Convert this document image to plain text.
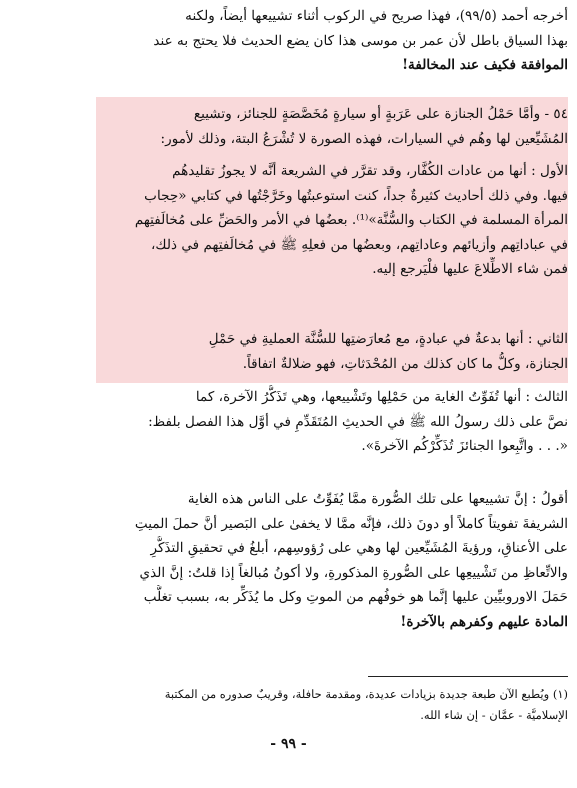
أخرجه أحمد (٩٩/٥)، فهذا صريح في الركوب أثناء تشييعها أيضاً، ولكنه
بهذا السياق باطل لأن عمر بن موسى هذا كان يضع الحديث فلا يحتج به عند
الموافقة فكيف عند المخالفة!
٥٤ - وأمَّا حَمْلُ الجنازة على عَرَبةٍ أو سيارةٍ مُخَصَّصَةٍ للجنائز، وتشييع
المُشَيِّعين لها وهُم في السيارات، فهذه الصورة لا تُشْرَعُ البتة، وذلك لأمور:
الأول : أنها من عادات الكُفَّار، وقد تقرَّر في الشريعة أنَّه لا يجوزُ تقليدهُم
فيها. وفي ذلك أحاديث كثيرةٌ جداً، كنت استوعبتُها وخَرَّجْتُها في كتابي «حِجاب
المرأة المسلمة في الكتاب والسُّنَّة»⁽¹⁾. بعضُها في الأمر والحَضِّ على مُخالَفتِهم
في عباداتِهم وأزيائهم وعاداتِهم، وبعضُها من فعلِهِ ﷺ في مُخالَفتِهم في ذلك،
فمن شاء الاطِّلاعَ عليها فلْيَرجع إليه.
الثاني : أنها بدعةٌ في عبادةٍ، مع مُعارَضتِها للسُّنَّة العمليةِ في حَمْلِ
الجنازة، وكلُّ ما كان كذلك من المُحْدَثاتِ، فهو ضلالةٌ اتفاقاً.
الثالث : أنها تُفَوِّتُ الغاية من حَمْلِها وتَشْييعها، وهي تَذَكُّرُ الآخرة، كما
نصَّ على ذلك رسولُ الله ﷺ في الحديثِ المُتَقَدِّمِ في أوَّل هذا الفصل بلفظ:
«. . . واتَّبِعوا الجنائزَ تُذَكِّرْكُم الآخرةَ».
أقولُ : إنَّ تشييعها على تلك الصُّورة ممَّا يُفَوِّتُ على الناس هذه الغاية
الشريفةَ تفويتاً كاملاً أو دونَ ذلك، فإنَّه ممَّا لا يخفىٰ على البَصير أنَّ حملَ الميتِ
على الأعناقِ، ورؤيةَ المُشَيِّعين لها وهي على رُؤوسِهم، أبلغُ في تحقيقِ التذَكُّرِ
والاتِّعاظِ من تَشْييعِها على الصُّورةِ المذكورةِ، ولا أكونُ مُبالغاً إذا قلتُ: إنَّ الذي
حَمَلَ الاوروبيِّين عليها إنَّما هو خوفُهم من الموتِ وكل ما يُذَكِّر به، بسبب تغلُّب
المادة عليهم وكفرهم بالآخرة!
(١) ويُطبع الآن طبعة جديدة بزيادات عديدة، ومقدمة حافلة، وقريبٌ صدوره من المكتبة
الإسلاميَّة - عمَّان - إن شاء الله.
- ٩٩ -
